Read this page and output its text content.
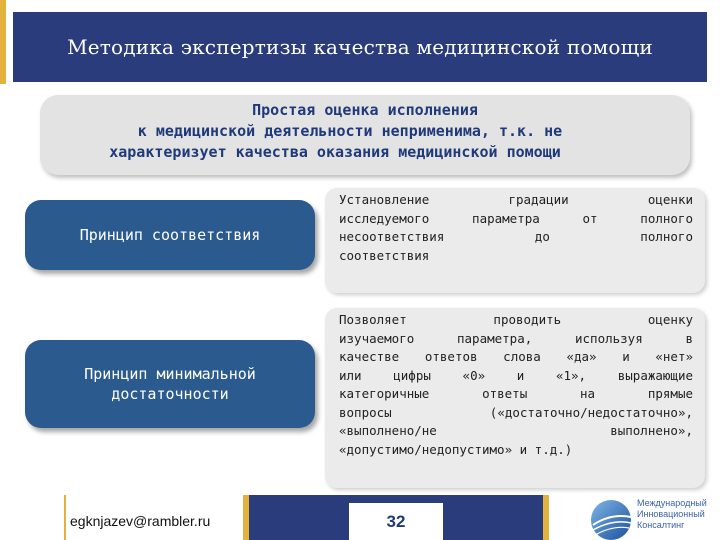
Методика экспертизы качества медицинской помощи
Простая оценка исполнения
к медицинской деятельности неприменима, т.к. не
характеризует качества оказания медицинской помощи
Принцип соответствия
Установление градации оценки
исследуемого параметра от полного
несоответствия до полного
соответствия
Принцип минимальной
достаточности
Позволяет проводить оценку
изучаемого параметра, используя в
качестве ответов слова «да» и «нет»
или цифры «0» и «1», выражающие
категоричные ответы на прямые
вопросы («достаточно/недостаточно»,
«выполнено/не выполнено»,
«допустимо/недопустимо» и т.д.)
egknjazev@rambler.ru	32
Международный
Инновационный
Консалтинг
